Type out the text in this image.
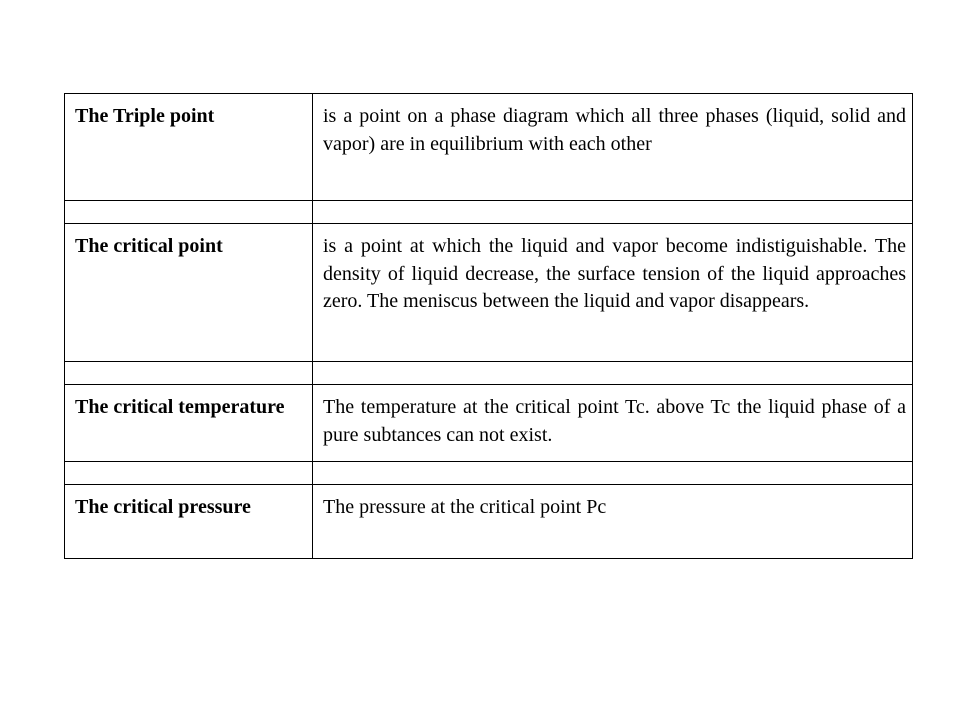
The Triple point	is a point on a phase diagram which all three phases (liquid, solid and vapor) are in equilibrium with each other

The critical point	is a point at which the liquid and vapor become indistiguishable. The density of liquid decrease, the surface tension of the liquid approaches zero. The meniscus between the liquid and vapor disappears.

The critical temperature	The temperature at the critical point Tc. above Tc the liquid phase of a pure subtances can not exist.

The critical pressure	The pressure at the critical point Pc
